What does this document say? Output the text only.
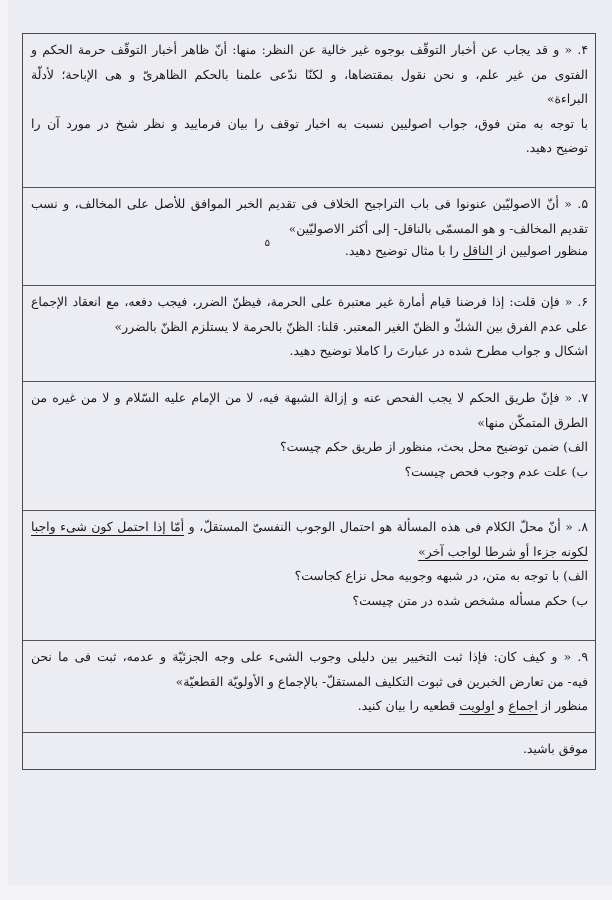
۴. « و قد يجاب عن أخبار التوقّف بوجوه غير خالية عن النظر: منها: أنّ ظاهر أخبار التوقّف حرمة الحكم و
الفتوى من غير علم، و نحن نقول بمقتضاها، و لكنّا ندّعى علمنا بالحكم الظاهرىّ و هى الإباحة؛ لأدلّة
البراءة»
با توجه به متن فوق، جواب اصوليين نسبت به اخبار توقف را بيان فرماييد و نظر شيخ در مورد آن را
توضيح دهيد.
۵. « أنّ الاصوليّين عنونوا فى باب التراجيح الخلاف فى تقديم الخبر الموافق للأصل على المخالف، و نسب
تقديم المخالف- و هو المسمّى بالناقل- إلى أكثر الاصوليّين»
۵	منظور اصوليين از الناقل را با مثال توضيح دهيد.
۶. « فإن قلت: إذا فرضنا قيام أمارة غير معتبرة على الحرمة، فيظنّ الضرر، فيجب دفعه، مع انعقاد الإجماع
على عدم الفرق بين الشكّ و الظنّ الغير المعتبر. قلنا: الظنّ بالحرمة لا يستلزم الظنّ بالضرر»
اشكال و جواب مطرح شده در عبارتَ را كاملا توضيح دهيد.
۷. « فإنّ طريق الحكم لا يجب الفحص عنه و إزالة الشبهة فيه، لا من الإمام عليه السّلام و لا من غيره من
الطرق المتمكّن منها»
الف) ضمن توضيح محل بحث، منظور از طريق حكم چيست؟
ب) علت عدم وجوب فحص چيست؟
۸. « أنّ محلّ الكلام فى هذه المسألة هو احتمال الوجوب النفسىّ المستقلّ، و أمّا إذا احتمل كون شىء واجبا
لكونه جزءا أو شرطا لواجب آخر»
الف) با توجه به متن، در شبهه وجوبيه محل نزاع كجاست؟
ب) حكم مسأله مشخص شده در متن چيست؟
۹. « و كيف كان: فإذا ثبت التخيير بين دليلى وجوب الشىء على وجه الجزئيّة و عدمه، ثبت فى ما نحن
فيه- من تعارض الخبرين فى ثبوت التكليف المستقلّ- بالإجماع و الأولويّة القطعيّة»
منظور از اجماع و اولويت قطعيه را بيان كنيد.
موفق باشيد.
